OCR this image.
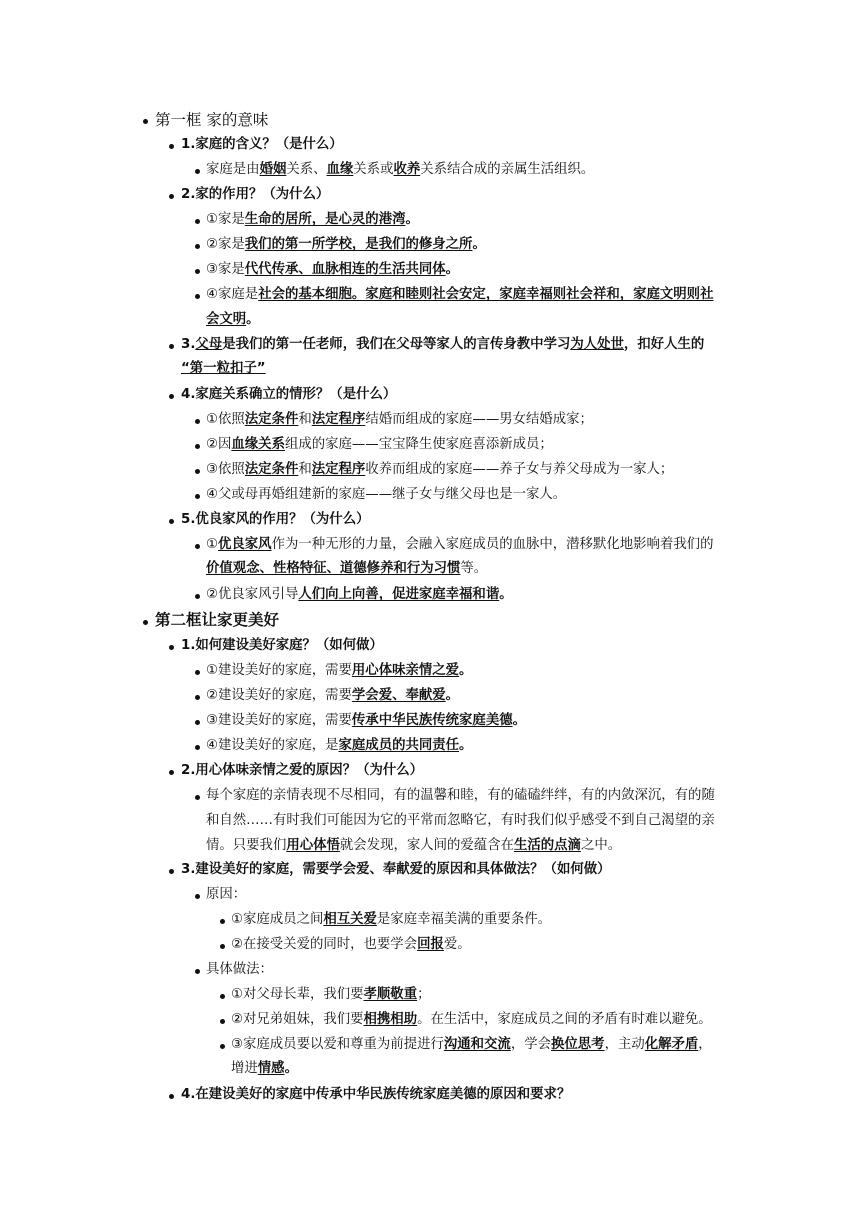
第一框 家的意味
1.家庭的含义？（是什么）
家庭是由婚姻关系、血缘关系或收养关系结合成的亲属生活组织。
2.家的作用？（为什么）
①家是生命的居所，是心灵的港湾。
②家是我们的第一所学校，是我们的修身之所。
③家是代代传承、血脉相连的生活共同体。
④家庭是社会的基本细胞。家庭和睦则社会安定，家庭幸福则社会祥和，家庭文明则社
会文明。
3.父母是我们的第一任老师，我们在父母等家人的言传身教中学习为人处世，扣好人生的
“第一粒扣子”
4.家庭关系确立的情形？（是什么）
①依照法定条件和法定程序结婚而组成的家庭——男女结婚成家；
②因血缘关系组成的家庭——宝宝降生使家庭喜添新成员；
③依照法定条件和法定程序收养而组成的家庭——养子女与养父母成为一家人；
④父或母再婚组建新的家庭——继子女与继父母也是一家人。
5.优良家风的作用？（为什么）
①优良家风作为一种无形的力量，会融入家庭成员的血脉中，潜移默化地影响着我们的
价值观念、性格特征、道德修养和行为习惯等。
②优良家风引导人们向上向善，促进家庭幸福和谐。
第二框让家更美好
1.如何建设美好家庭？（如何做）
①建设美好的家庭，需要用心体味亲情之爱。
②建设美好的家庭，需要学会爱、奉献爱。
③建设美好的家庭，需要传承中华民族传统家庭美德。
④建设美好的家庭，是家庭成员的共同责任。
2.用心体味亲情之爱的原因？（为什么）
每个家庭的亲情表现不尽相同，有的温馨和睦，有的磕磕绊绊，有的内敛深沉，有的随
和自然……有时我们可能因为它的平常而忽略它，有时我们似乎感受不到自己渴望的亲
情。只要我们用心体悟就会发现，家人间的爱蕴含在生活的点滴之中。
3.建设美好的家庭，需要学会爱、奉献爱的原因和具体做法？（如何做）
原因：
①家庭成员之间相互关爱是家庭幸福美满的重要条件。
②在接受关爱的同时，也要学会回报爱。
具体做法：
①对父母长辈，我们要孝顺敬重；
②对兄弟姐妹，我们要相携相助。在生活中，家庭成员之间的矛盾有时难以避免。
③家庭成员要以爱和尊重为前提进行沟通和交流，学会换位思考，主动化解矛盾，
增进情感。
4.在建设美好的家庭中传承中华民族传统家庭美德的原因和要求？
